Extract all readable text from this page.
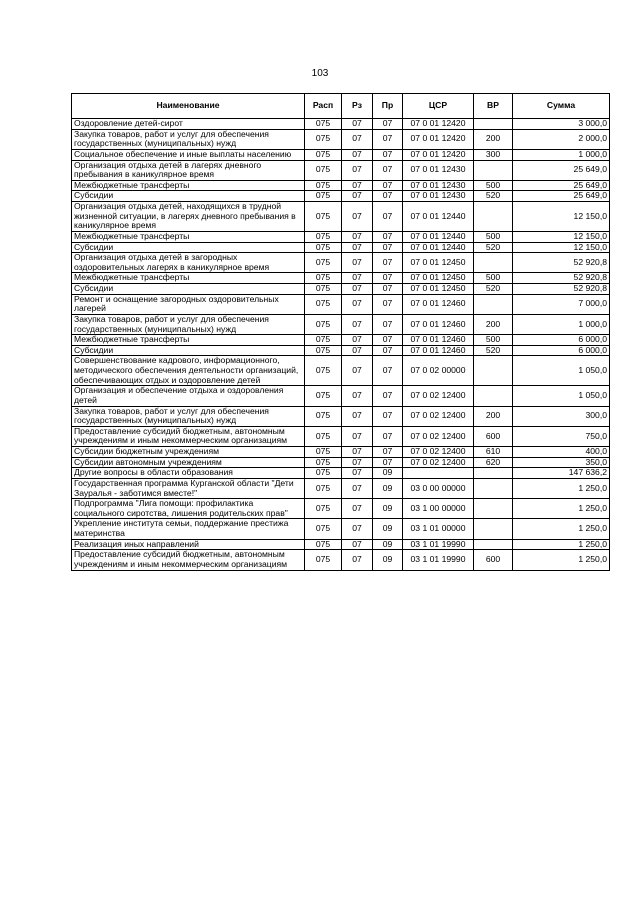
103
Наименование	Расп	Рз	Пр	ЦСР	ВР	Сумма
Оздоровление детей-сирот	075	07	07	07 0 01 12420		3 000,0
Закупка товаров, работ и услуг для обеспечения государственных (муниципальных) нужд	075	07	07	07 0 01 12420	200	2 000,0
Социальное обеспечение и иные выплаты населению	075	07	07	07 0 01 12420	300	1 000,0
Организация отдыха детей в лагерях дневного пребывания в каникулярное время	075	07	07	07 0 01 12430		25 649,0
Межбюджетные трансферты	075	07	07	07 0 01 12430	500	25 649,0
Субсидии	075	07	07	07 0 01 12430	520	25 649,0
Организация отдыха детей, находящихся в трудной жизненной ситуации, в лагерях дневного пребывания в каникулярное время	075	07	07	07 0 01 12440		12 150,0
Межбюджетные трансферты	075	07	07	07 0 01 12440	500	12 150,0
Субсидии	075	07	07	07 0 01 12440	520	12 150,0
Организация отдыха детей в загородных оздоровительных лагерях в каникулярное время	075	07	07	07 0 01 12450		52 920,8
Межбюджетные трансферты	075	07	07	07 0 01 12450	500	52 920,8
Субсидии	075	07	07	07 0 01 12450	520	52 920,8
Ремонт и оснащение загородных оздоровительных лагерей	075	07	07	07 0 01 12460		7 000,0
Закупка товаров, работ и услуг для обеспечения государственных (муниципальных) нужд	075	07	07	07 0 01 12460	200	1 000,0
Межбюджетные трансферты	075	07	07	07 0 01 12460	500	6 000,0
Субсидии	075	07	07	07 0 01 12460	520	6 000,0
Совершенствование кадрового, информационного, методического обеспечения деятельности организаций, обеспечивающих отдых и оздоровление детей	075	07	07	07 0 02 00000		1 050,0
Организация и обеспечение отдыха и оздоровления детей	075	07	07	07 0 02 12400		1 050,0
Закупка товаров, работ и услуг для обеспечения государственных (муниципальных) нужд	075	07	07	07 0 02 12400	200	300,0
Предоставление субсидий бюджетным, автономным учреждениям и иным некоммерческим организациям	075	07	07	07 0 02 12400	600	750,0
Субсидии бюджетным учреждениям	075	07	07	07 0 02 12400	610	400,0
Субсидии автономным учреждениям	075	07	07	07 0 02 12400	620	350,0
Другие вопросы в области образования	075	07	09			147 636,2
Государственная программа Курганской области "Дети Зауралья - заботимся вместе!"	075	07	09	03 0 00 00000		1 250,0
Подпрограмма "Лига помощи: профилактика социального сиротства, лишения родительских прав"	075	07	09	03 1 00 00000		1 250,0
Укрепление института семьи, поддержание престижа материнства	075	07	09	03 1 01 00000		1 250,0
Реализация иных направлений	075	07	09	03 1 01 19990		1 250,0
Предоставление субсидий бюджетным, автономным учреждениям и иным некоммерческим организациям	075	07	09	03 1 01 19990	600	1 250,0
